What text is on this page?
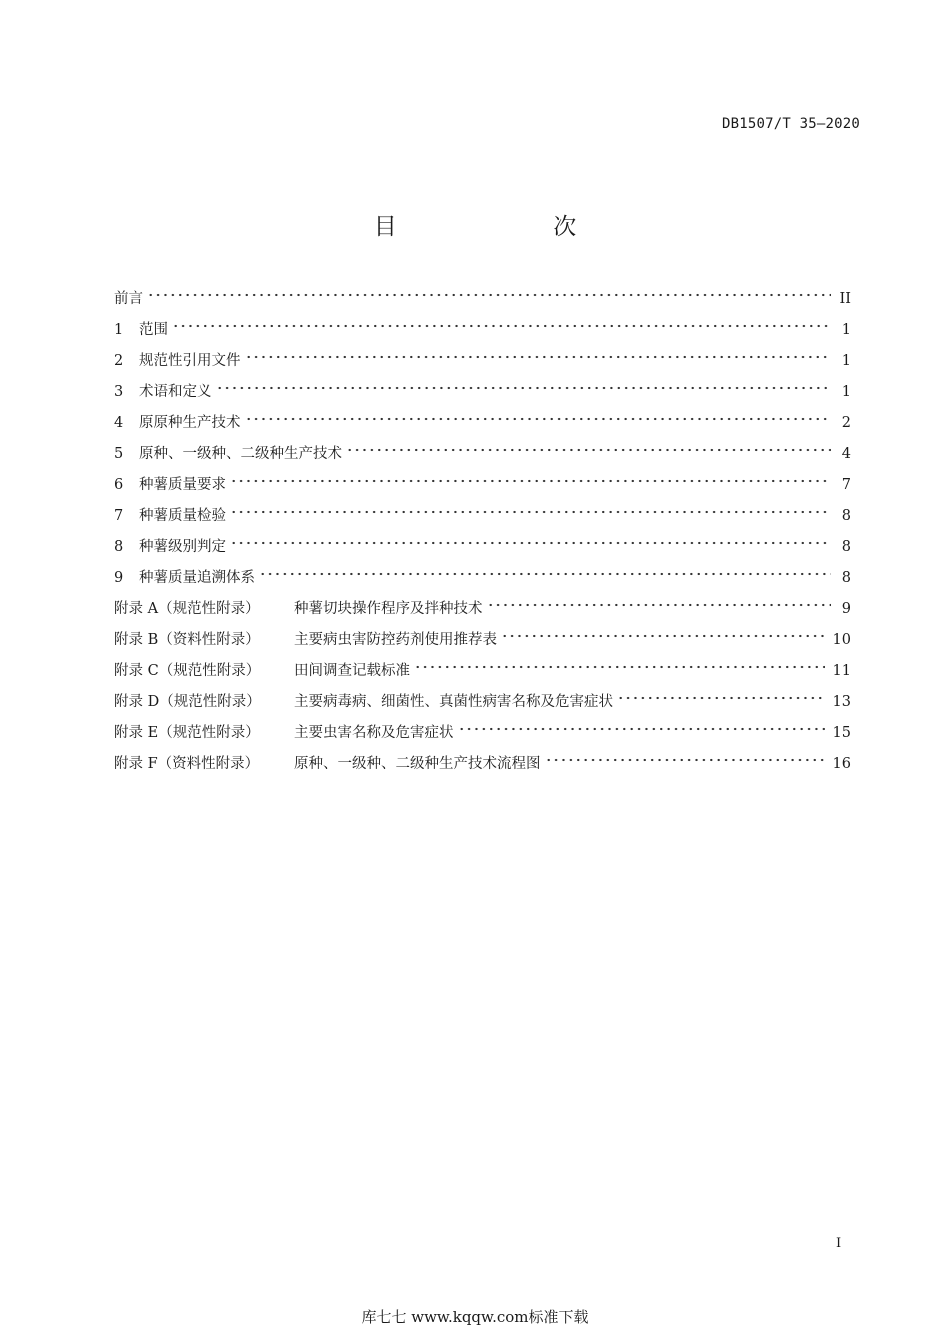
DB1507/T 35—2020
目　　次
前言	II
1	范围	1
2	规范性引用文件	1
3	术语和定义	1
4	原原种生产技术	2
5	原种、一级种、二级种生产技术	4
6	种薯质量要求	7
7	种薯质量检验	8
8	种薯级别判定	8
9	种薯质量追溯体系	8
附录 A（规范性附录）	种薯切块操作程序及拌种技术	9
附录 B（资料性附录）	主要病虫害防控药剂使用推荐表	10
附录 C（规范性附录）	田间调查记载标准	11
附录 D（规范性附录）	主要病毒病、细菌性、真菌性病害名称及危害症状	13
附录 E（规范性附录）	主要虫害名称及危害症状	15
附录 F（资料性附录）	原种、一级种、二级种生产技术流程图	16
I
库七七 www.kqqw.com标准下载
